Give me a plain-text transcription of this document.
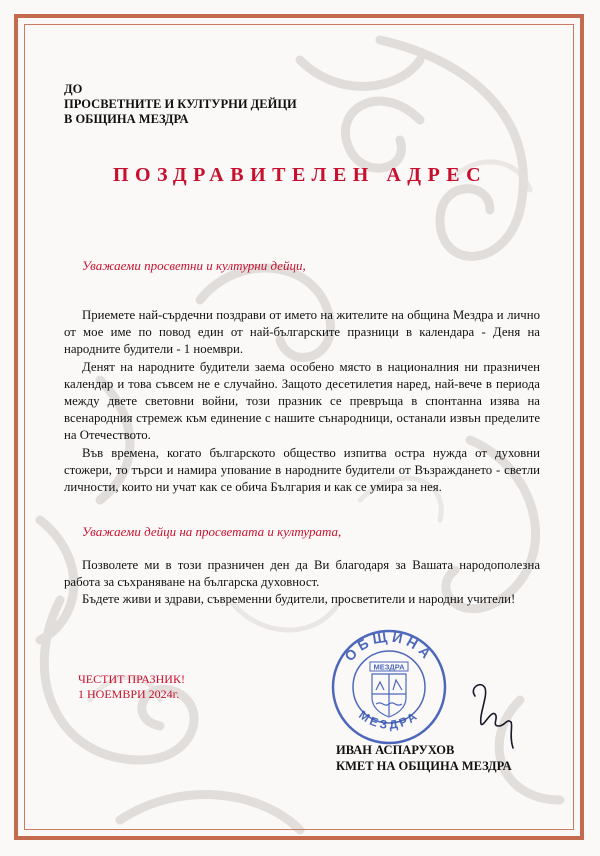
ДО
ПРОСВЕТНИТЕ И КУЛТУРНИ ДЕЙЦИ
В ОБЩИНА МЕЗДРА
ПОЗДРАВИТЕЛЕН АДРЕС
Уважаеми просветни и културни дейци,
Приемете най-сърдечни поздрави от името на жителите на община Мездра и лично от мое име по повод един от най-българските празници в календара - Деня на народните будители - 1 ноември.
Денят на народните будители заема особено място в националния ни празничен календар и това съвсем не е случайно. Защото десетилетия наред, най-вече в периода между двете световни войни, този празник се превръща в спонтанна изява на всенародния стремеж към единение с нашите сънародници, останали извън пределите на Отечеството.
Във времена, когато българското общество изпитва остра нужда от духовни стожери, то търси и намира упование в народните будители от Възраждането - светли личности, които ни учат как се обича България и как се умира за нея.
Уважаеми дейци на просветата и културата,
Позволете ми в този празничен ден да Ви благодаря за Вашата народополезна работа за съхраняване на българска духовност.
Бъдете живи и здрави, съвременни будители, просветители и народни учители!
ЧЕСТИТ ПРАЗНИК!
1 НОЕМВРИ 2024г.
ОБЩИНА
МЕЗДРА
МЕЗДРА
ИВАН АСПАРУХОВ
КМЕТ НА ОБЩИНА МЕЗДРА
